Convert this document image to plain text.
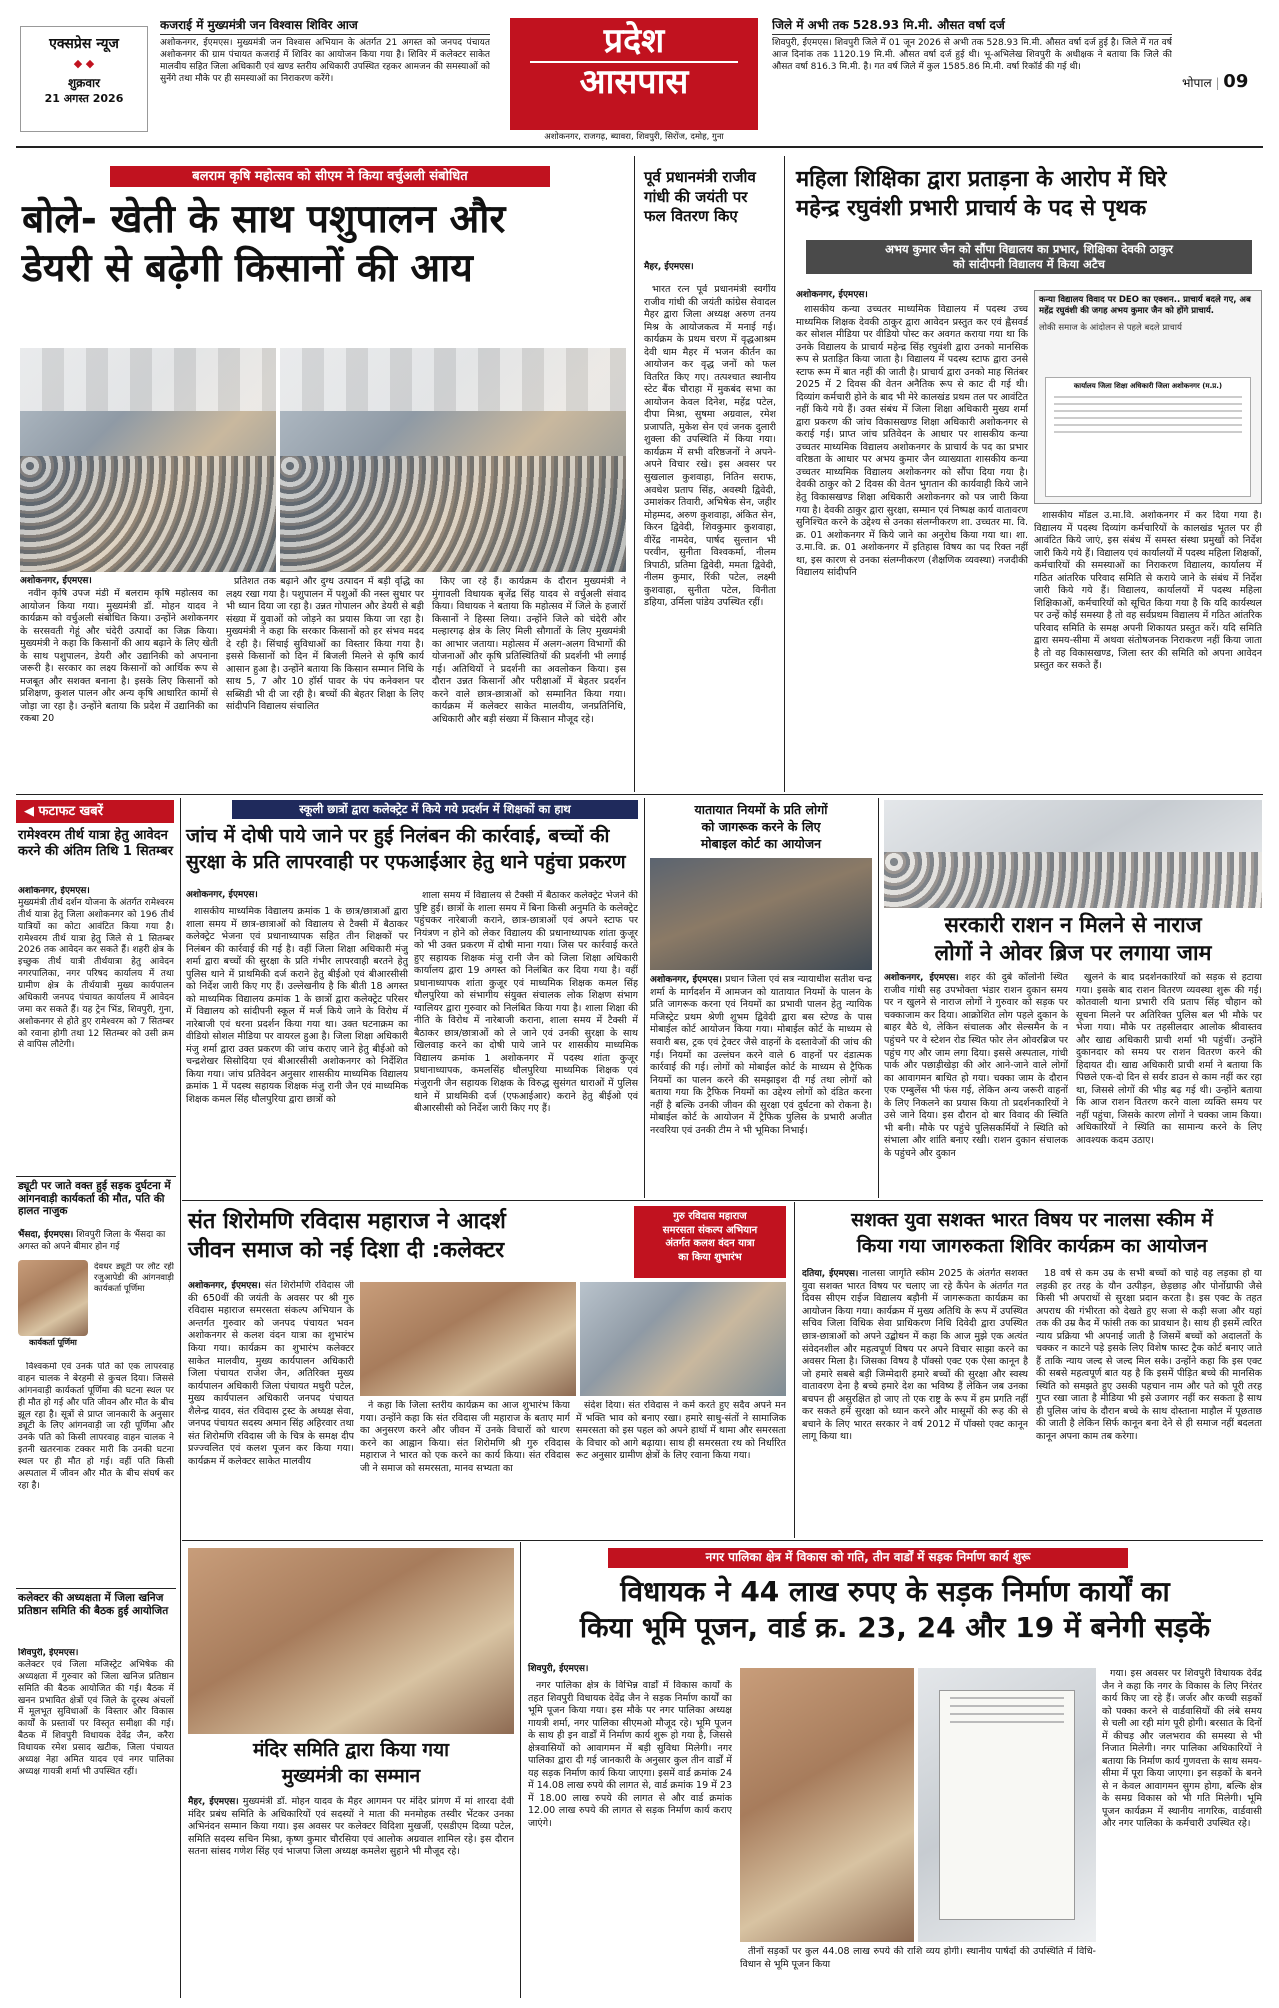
एक्सप्रेस न्यूज
◆ ◆
शुक्रवार
21 अगस्त 2026
कजराई में मुख्यमंत्री जन विश्वास शिविर आज
अशोकनगर, ईएमएस। मुख्यमंत्री जन विश्वास अभियान के अंतर्गत 21 अगस्त को जनपद पंचायत अशोकनगर की ग्राम पंचायत कजराई में शिविर का आयोजन किया गया है। शिविर में कलेक्टर साकेत मालवीय सहित जिला अधिकारी एवं खण्ड स्तरीय अधिकारी उपस्थित रहकर आमजन की समस्याओं को सुनेंगे तथा मौके पर ही समस्याओं का निराकरण करेंगे।
प्रदेश
आसपास
अशोकनगर, राजगढ़, ब्यावरा, शिवपुरी, सिरोंज, दमोह, गुना
जिले में अभी तक 528.93 मि.मी. औसत वर्षा दर्ज
शिवपुरी, ईएमएस। शिवपुरी जिले में 01 जून 2026 से अभी तक 528.93 मि.मी. औसत वर्षा दर्ज हुई है। जिले में गत वर्ष आज दिनांक तक 1120.19 मि.मी. औसत वर्षा दर्ज हुई थी। भू-अभिलेख शिवपुरी के अधीक्षक ने बताया कि जिले की औसत वर्षा 816.3 मि.मी. है। गत वर्ष जिले में कुल 1585.86 मि.मी. वर्षा रिकॉर्ड की गई थी।
भोपाल | 09
बलराम कृषि महोत्सव को सीएम ने किया वर्चुअली संबोधित
बोले- खेती के साथ पशुपालन और
डेयरी से बढ़ेगी किसानों की आय
अशोकनगर, ईएमएस।

नवीन कृषि उपज मंडी में बलराम कृषि महोत्सव का आयोजन किया गया। मुख्यमंत्री डॉ. मोहन यादव ने कार्यक्रम को वर्चुअली संबोधित किया। उन्होंने अशोकनगर के सरसवती गेहूं और चंदेरी उत्पादों का जिक्र किया। मुख्यमंत्री ने कहा कि किसानों की आय बढ़ाने के लिए खेती के साथ पशुपालन, डेयरी और उद्यानिकी को अपनाना जरूरी है। सरकार का लक्ष्य किसानों को आर्थिक रूप से मजबूत और सशक्त बनाना है। इसके लिए किसानों को प्रशिक्षण, कुशल पालन और अन्य कृषि आधारित कामों से जोड़ा जा रहा है। उन्होंने बताया कि प्रदेश में उद्यानिकी का रकबा 20

प्रतिशत तक बढ़ाने और दुग्ध उत्पादन में बड़ी वृद्धि का लक्ष्य रखा गया है। पशुपालन में पशुओं की नस्ल सुधार पर भी ध्यान दिया जा रहा है। उन्नत गोपालन और डेयरी से बड़ी संख्या में युवाओं को जोड़ने का प्रयास किया जा रहा है। मुख्यमंत्री ने कहा कि सरकार किसानों को हर संभव मदद दे रही है। सिंचाई सुविधाओं का विस्तार किया गया है। इससे किसानों को दिन में बिजली मिलने से कृषि कार्य आसान हुआ है। उन्होंने बताया कि किसान सम्मान निधि के साथ 5, 7 और 10 हॉर्स पावर के पंप कनेक्शन पर सब्सिडी भी दी जा रही है। बच्चों की बेहतर शिक्षा के लिए सांदीपनि विद्यालय संचालित

किए जा रहे हैं। कार्यक्रम के दौरान मुख्यमंत्री ने मुंगावली विधायक बृजेंद्र सिंह यादव से वर्चुअली संवाद किया। विधायक ने बताया कि महोत्सव में जिले के हजारों किसानों ने हिस्सा लिया। उन्होंने जिले को चंदेरी और मल्हारगढ़ क्षेत्र के लिए मिली सौगातों के लिए मुख्यमंत्री का आभार जताया। महोत्सव में अलग-अलग विभागों की योजनाओं और कृषि प्रतिस्थितियों की प्रदर्शनी भी लगाई गई। अतिथियों ने प्रदर्शनी का अवलोकन किया। इस दौरान उन्नत किसानों और परीक्षाओं में बेहतर प्रदर्शन करने वाले छात्र-छात्राओं को सम्मानित किया गया। कार्यक्रम में कलेक्टर साकेत मालवीय, जनप्रतिनिधि, अधिकारी और बड़ी संख्या में किसान मौजूद रहे।

पूर्व प्रधानमंत्री राजीव गांधी की जयंती पर फल वितरण किए
मैहर, ईएमएस।

भारत रत्न पूर्व प्रधानमंत्री स्वर्गीय राजीव गांधी की जयंती कांग्रेस सेवादल मैहर द्वारा जिला अध्यक्ष अरुण तनय मिश्र के आयोजकत्व में मनाई गई। कार्यक्रम के प्रथम चरण में वृद्धआश्रम देवी धाम मैहर में भजन कीर्तन का आयोजन कर वृद्ध जनों को फल वितरित किए गए। तत्पश्चात स्थानीय स्टेट बैंक चौराहा में मुकबंद सभा का आयोजन केवल दिनेश, महेंद्र पटेल, दीपा मिश्रा, सुषमा अग्रवाल, रमेश प्रजापति, मुकेश सेन एवं जनक दुलारी शुक्ला की उपस्थिति में किया गया। कार्यक्रम में सभी वरिष्ठजनों ने अपने-अपने विचार रखे। इस अवसर पर सुखलाल कुशवाहा, नितिन सराफ, अवधेश प्रताप सिंह, अवस्थी द्विवेदी, उमाशंकर तिवारी, अभिषेक सेन, जहीर मोहम्मद, अरुण कुशवाहा, अंकित सेन, किरन द्विवेदी, शिवकुमार कुशवाहा, वीरेंद्र नामदेव, पार्षद सुल्तान भी परवीन, सुनीता विश्वकर्मा, नीलम त्रिपाठी, प्रतिमा द्विवेदी, ममता द्विवेदी, नीलम कुमार, रिंकी पटेल, लक्ष्मी कुशवाहा, सुनीता पटेल, विनीता डहिया, उर्मिला पांडेय उपस्थित रहीं।

महिला शिक्षिका द्वारा प्रताड़ना के आरोप में घिरे
महेन्द्र रघुवंशी प्रभारी प्राचार्य के पद से पृथक
अभय कुमार जैन को सौंपा विद्यालय का प्रभार, शिक्षिका देवकी ठाकुर
को सांदीपनी विद्यालय में किया अटैच
अशोकनगर, ईएमएस।	कन्या विद्यालय विवाद पर DEO का एक्शन.. प्राचार्य बदले गए, अब महेंद्र रघुवंशी की जगह अभय कुमार जैन को होंगे प्राचार्य.
लोकी समाज के आंदोलन से पहले बदले प्राचार्य
कार्यालय जिला शिक्षा अधिकारी जिला अशोकनगर (म.प्र.)

शासकीय कन्या उच्चतर माध्यमिक विद्यालय में पदस्थ उच्च माध्यमिक शिक्षक देवकी ठाकुर द्वारा आवेदन प्रस्तुत कर एवं ह्वैसवर्ड कर सोशल मीडिया पर वीडियो पोस्ट कर अवगत कराया गया था कि उनके विद्यालय के प्राचार्य महेन्द्र सिंह रघुवंशी द्वारा उनको मानसिक रूप से प्रताड़ित किया जाता है। विद्यालय में पदस्थ स्टाफ द्वारा उनसे स्टाफ रूम में बात नहीं की जाती है। प्राचार्य द्वारा उनको माह सितंबर 2025 में 2 दिवस की वेतन अनैतिक रूप से काट दी गई थी। दिव्यांग कर्मचारी होने के बाद भी मेरे कालखंड प्रथम तल पर आवंटित नहीं किये गये हैं। उक्त संबंध में जिला शिक्षा अधिकारी मुख्य शर्मा द्वारा प्रकरण की जांच विकासखण्ड शिक्षा अधिकारी अशोकनगर से कराई गई। प्राप्त जांच प्रतिवेदन के आधार पर शासकीय कन्या उच्चतर माध्यमिक विद्यालय अशोकनगर के प्राचार्य के पद का प्रभार वरिष्ठता के आधार पर अभय कुमार जैन व्याख्याता शासकीय कन्या उच्चतर माध्यमिक विद्यालय अशोकनगर को सौंपा दिया गया है। देवकी ठाकुर को 2 दिवस की वेतन भुगतान की कार्यवाही किये जाने हेतु विकासखण्ड शिक्षा अधिकारी अशोकनगर को पत्र जारी किया गया है। देवकी ठाकुर द्वारा सुरक्षा, सम्मान एवं निष्पक्ष कार्य वातावरण सुनिश्चित करने के उद्देश्य से उनका संलग्नीकरण शा. उच्चतर मा. वि. क्र. 01 अशोकनगर में किये जाने का अनुरोध किया गया था। शा. उ.मा.वि. क्र. 01 अशोकनगर में इतिहास विषय का पद रिक्त नहीं था, इस कारण से उनका संलग्नीकरण (शैक्षणिक व्यवस्था) नजदीकी विद्यालय सांदीपनि

शासकीय मॉडल उ.मा.वि. अशोकनगर में कर दिया गया है। विद्यालय में पदस्थ दिव्यांग कर्मचारियों के कालखंड भूतल पर ही आवंटित किये जाएं, इस संबंध में समस्त संस्था प्रमुखों को निर्देश जारी किये गये हैं। विद्यालय एवं कार्यालयों में पदस्थ महिला शिक्षकों, कर्मचारियों की समस्याओं का निराकरण विद्यालय, कार्यालय में गठित आंतरिक परिवाद समिति से कराये जाने के संबंध में निर्देश जारी किये गये हैं। विद्यालय, कार्यालयों में पदस्थ महिला शिक्षिकाओं, कर्मचारियों को सूचित किया गया है कि यदि कार्यस्थल पर उन्हें कोई समस्या है तो वह सर्वप्रथम विद्यालय में गठित आंतरिक परिवाद समिति के समक्ष अपनी शिकायत प्रस्तुत करें। यदि समिति द्वारा समय-सीमा में अथवा संतोषजनक निराकरण नहीं किया जाता है तो वह विकासखण्ड, जिला स्तर की समिति को अपना आवेदन प्रस्तुत कर सकते हैं।

◀ फटाफट खबरें
रामेश्वरम तीर्थ यात्रा हेतु आवेदन करने की अंतिम तिथि 1 सितम्बर
अशोकनगर, ईएमएस।
मुख्यमंत्री तीर्थ दर्शन योजना के अंतर्गत रामेश्वरम तीर्थ यात्रा हेतु जिला अशोकनगर को 196 तीर्थ यात्रियों का कोटा आवंटित किया गया है। रामेश्वरम तीर्थ यात्रा हेतु जिले से 1 सितम्बर 2026 तक आवेदन कर सकते हैं। शहरी क्षेत्र के इच्छुक तीर्थ यात्री तीर्थयात्रा हेतु आवेदन नगरपालिका, नगर परिषद कार्यालय में तथा ग्रामीण क्षेत्र के तीर्थयात्री मुख्य कार्यपालन अधिकारी जनपद पंचायत कार्यालय में आवेदन जमा कर सकते हैं। यह ट्रेन भिंड, शिवपुरी, गुना, अशोकनगर से होते हुए रामेश्वरम को 7 सितम्बर को रवाना होगी तथा 12 सितम्बर को उसी क्रम से वापिस लौटेगी।
ड्यूटी पर जाते वक्त हुई सड़क दुर्घटना में आंगनवाड़ी कार्यकर्ता की मौत, पति की हालत नाजुक
भैंसदा, ईएमएस। शिवपुरी जिला के भैंसदा का अगस्त को अपने बीमार होन गई
कार्यकर्ता पूर्णिमा
देवधर ड्यूटी पर लौट रही रजुआपेडी की आंगनवाड़ी कार्यकर्ता पूर्णिमा

विश्वकर्मा एवं उनके पति को एक लापरवाह वाहन चालक ने बेरहमी से कुचल दिया। जिससे आंगनवाड़ी कार्यकर्ता पूर्णिमा की घटना स्थल पर ही मौत हो गई और पति जीवन और मौत के बीच झूल रहा है। सूत्रों से प्राप्त जानकारी के अनुसार ड्यूटी के लिए आंगनवाड़ी जा रही पूर्णिमा और उनके पति को किसी लापरवाह वाहन चालक ने इतनी खतरनाक टक्कर मारी कि उनकी घटना स्थल पर ही मौत हो गई। वहीं पति किसी अस्पताल में जीवन और मौत के बीच संघर्ष कर रहा है।

कलेक्टर की अध्यक्षता में जिला खनिज प्रतिष्ठान समिति की बैठक हुई आयोजित
शिवपुरी, ईएमएस।
कलेक्टर एवं जिला मजिस्ट्रेट अभिषेक की अध्यक्षता में गुरुवार को जिला खनिज प्रतिष्ठान समिति की बैठक आयोजित की गई। बैठक में खनन प्रभावित क्षेत्रों एवं जिले के दूरस्थ अंचलों में मूलभूत सुविधाओं के विस्तार और विकास कार्यों के प्रस्तावों पर विस्तृत समीक्षा की गई। बैठक में शिवपुरी विधायक देवेंद्र जैन, करैरा विधायक रमेश प्रसाद खटीक, जिला पंचायत अध्यक्ष नेहा अमित यादव एवं नगर पालिका अध्यक्ष गायत्री शर्मा भी उपस्थित रहीं।
स्कूली छात्रों द्वारा कलेक्ट्रेट में किये गये प्रदर्शन में शिक्षकों का हाथ
जांच में दोषी पाये जाने पर हुई निलंबन की कार्रवाई, बच्चों की
सुरक्षा के प्रति लापरवाही पर एफआईआर हेतु थाने पहुंचा प्रकरण
अशोकनगर, ईएमएस।

शासकीय माध्यमिक विद्यालय क्रमांक 1 के छात्र/छात्राओं द्वारा शाला समय में छात्र-छात्राओं को विद्यालय से टैक्सी में बैठाकर कलेक्ट्रेट भेजना एवं प्रधानाध्यापक सहित तीन शिक्षकों पर निलंबन की कार्रवाई की गई है। वहीं जिला शिक्षा अधिकारी मंजु शर्मा द्वारा बच्चों की सुरक्षा के प्रति गंभीर लापरवाही बरतने हेतु पुलिस थाने में प्राथमिकी दर्ज कराने हेतु बीईओ एवं बीआरसीसी को निर्देश जारी किए गए हैं। उल्लेखनीय है कि बीती 18 अगस्त को माध्यमिक विद्यालय क्रमांक 1 के छात्रों द्वारा कलेक्ट्रेट परिसर में विद्यालय को सांदीपनी स्कूल में मर्ज किये जाने के विरोध में नारेबाजी एवं धरना प्रदर्शन किया गया था। उक्त घटनाक्रम का वीडियो सोशल मीडिया पर वायरल हुआ है। जिला शिक्षा अधिकारी मंजु शर्मा द्वारा उक्त प्रकरण की जांच कराए जाने हेतु बीईओ को चन्द्रशेखर सिसोदिया एवं बीआरसीसी अशोकनगर को निर्देशित किया गया। जांच प्रतिवेदन अनुसार शासकीय माध्यमिक विद्यालय क्रमांक 1 में पदस्थ सहायक शिक्षक मंजु रानी जैन एवं माध्यमिक शिक्षक कमल सिंह धौलपुरिया द्वारा छात्रों को

शाला समय में विद्यालय से टैक्सी में बैठाकर कलेक्ट्रेट भेजने की पुष्टि हुई। छात्रों के शाला समय में बिना किसी अनुमति के कलेक्ट्रेट पहुंचकर नारेबाजी कराने, छात्र-छात्राओं एवं अपने स्टाफ पर नियंत्रण न होने को लेकर विद्यालय की प्रधानाध्यापक शांता कुजूर को भी उक्त प्रकरण में दोषी माना गया। जिस पर कार्रवाई करते हुए सहायक शिक्षक मंजु रानी जैन को जिला शिक्षा अधिकारी कार्यालय द्वारा 19 अगस्त को निलंबित कर दिया गया है। वहीं प्रधानाध्यापक शांता कुजूर एवं माध्यमिक शिक्षक कमल सिंह धौलपुरिया को संभागीय संयुक्त संचालक लोक शिक्षण संभाग ग्वालियर द्वारा गुरुवार को निलंबित किया गया है। शाला शिक्षा की नीति के विरोध में नारेबाजी कराना, शाला समय में टैक्सी में बैठाकर छात्र/छात्राओं को ले जाने एवं उनकी सुरक्षा के साथ खिलवाड़ करने का दोषी पाये जाने पर शासकीय माध्यमिक विद्यालय क्रमांक 1 अशोकनगर में पदस्थ शांता कुजूर प्रधानाध्यापक, कमलसिंह धौलपुरिया माध्यमिक शिक्षक एवं मंजुरानी जैन सहायक शिक्षक के विरुद्ध सुसंगत धाराओं में पुलिस थाने में प्राथमिकी दर्ज (एफआईआर) कराने हेतु बीईओ एवं बीआरसीसी को निर्देश जारी किए गए हैं।

यातायात नियमों के प्रति लोगों
को जागरूक करने के लिए
मोबाइल कोर्ट का आयोजन
अशोकनगर, ईएमएस। प्रधान जिला एवं सत्र न्यायाधीश सतीश चन्द्र शर्मा के मार्गदर्शन में आमजन को यातायात नियमों के पालन के प्रति जागरूक करना एवं नियमों का प्रभावी पालन हेतु न्यायिक मजिस्ट्रेट प्रथम श्रेणी शुभम द्विवेदी द्वारा बस स्टेण्ड के पास मोबाईल कोर्ट आयोजन किया गया। मोबाईल कोर्ट के माध्यम से सवारी बस, ट्रक एवं ट्रेक्टर जैसे वाहनों के दस्तावेजों की जांच की गई। नियमों का उल्लंघन करने वाले 6 वाहनों पर दंडात्मक कार्रवाई की गई। लोगों को मोबाईल कोर्ट के माध्यम से ट्रैफिक नियमों का पालन करने की समझाइश दी गई तथा लोगों को बताया गया कि ट्रैफिक नियमों का उद्देश्य लोगों को दंडित करना नहीं है बल्कि उनकी जीवन की सुरक्षा एवं दुर्घटना को रोकना है। मोबाईल कोर्ट के आयोजन में ट्रैफिक पुलिस के प्रभारी अजीत नरवरिया एवं उनकी टीम ने भी भूमिका निभाई।
सरकारी राशन न मिलने से नाराज
लोगों ने ओवर ब्रिज पर लगाया जाम
अशोकनगर, ईएमएस। शहर की दुबे कॉलोनी स्थित राजीव गांधी सह उपभोक्ता भंडार राशन दुकान समय पर न खुलने से नाराज लोगों ने गुरुवार को सड़क पर चक्काजाम कर दिया। आक्रोशित लोग पहले दुकान के बाहर बैठे थे, लेकिन संचालक और सेल्समैन के न पहुंचने पर वे स्टेशन रोड स्थित फोर लेन ओवरब्रिज पर पहुंच गए और जाम लगा दिया। इससे अस्पताल, गांधी पार्क और पछाड़ीखेड़ा की ओर आने-जाने वाले लोगों का आवागमन बाधित हो गया। चक्का जाम के दौरान एक एम्बुलेंस भी फंस गई, लेकिन अन्य जरूरी वाहनों के लिए निकलने का प्रयास किया तो प्रदर्शनकारियों ने उसे जाने दिया। इस दौरान दो बार विवाद की स्थिति भी बनी। मौके पर पहुंचे पुलिसकर्मियों ने स्थिति को संभाला और शांति बनाए रखी। राशन दुकान संचालक के पहुंचने और दुकान

खुलने के बाद प्रदर्शनकारियों को सड़क से हटाया गया। इसके बाद राशन वितरण व्यवस्था शुरू की गई। कोतवाली थाना प्रभारी रवि प्रताप सिंह चौहान को सूचना मिलने पर अतिरिक्त पुलिस बल भी मौके पर भेजा गया। मौके पर तहसीलदार आलोक श्रीवास्तव और खाद्य अधिकारी प्राची शर्मा भी पहुंचीं। उन्होंने दुकानदार को समय पर राशन वितरण करने की हिदायत दी। खाद्य अधिकारी प्राची शर्मा ने बताया कि पिछले एक-दो दिन से सर्वर डाउन से काम नहीं कर रहा था, जिससे लोगों की भीड़ बढ़ गई थी। उन्होंने बताया कि आज राशन वितरण करने वाला व्यक्ति समय पर नहीं पहुंचा, जिसके कारण लोगों ने चक्का जाम किया। अधिकारियों ने स्थिति का सामान्य करने के लिए आवश्यक कदम उठाए।

संत शिरोमणि रविदास महाराज ने आदर्श
जीवन समाज को नई दिशा दी :कलेक्टर
गुरु रविदास महाराज
समरसता संकल्प अभियान
अंतर्गत कलश वंदन यात्रा
का किया शुभारंभ
अशोकनगर, ईएमएस। संत शिरोमणि रविदास जी की 650वीं की जयंती के अवसर पर श्री गुरु रविदास महाराज समरसता संकल्प अभियान के अन्तर्गत गुरुवार को जनपद पंचायत भवन अशोकनगर से कलश वंदन यात्रा का शुभारंभ किया गया। कार्यक्रम का शुभारंभ कलेक्टर साकेत मालवीय, मुख्य कार्यपालन अधिकारी जिला पंचायत राजेश जैन, अतिरिक्त मुख्य कार्यपालन अधिकारी जिला पंचायत मधुरी पटेल, मुख्य कार्यपालन अधिकारी जनपद पंचायत शैलेन्द्र यादव, संत रविदास ट्रस्ट के अध्यक्ष सेवा, जनपद पंचायत सदस्य अमान सिंह अहिरवार तथा संत शिरोमणि रविदास जी के चित्र के समक्ष दीप प्रज्ज्वलित एवं कलश पूजन कर किया गया। कार्यक्रम में कलेक्टर साकेत मालवीय

ने कहा कि जिला स्तरीय कार्यक्रम का आज शुभारंभ किया गया। उन्होंने कहा कि संत रविदास जी महाराज के बताए मार्ग का अनुसरण करने और जीवन में उनके विचारों को धारण करने का आह्वान किया। संत शिरोमणि श्री गुरु रविदास महाराज ने भारत को एक करने का कार्य किया। संत रविदास जी ने समाज को समरसता, मानव सभ्यता का

संदेश दिया। संत रविदास ने कर्म करते हुए सदैव अपने मन में भक्ति भाव को बनाए रखा। हमारे साधु-संतों ने सामाजिक समरसता को इस पहल को अपने हाथों में थामा और समरसता के विचार को आगे बढ़ाया। साथ ही समरसता रथ को निर्धारित रूट अनुसार ग्रामीण क्षेत्रों के लिए रवाना किया गया।

सशक्त युवा सशक्त भारत विषय पर नालसा स्कीम में
किया गया जागरुकता शिविर कार्यक्रम का आयोजन
दतिया, ईएमएस। नालसा जागृति स्कीम 2025 के अंतर्गत सशक्त युवा सशक्त भारत विषय पर चलाए जा रहे कैंपेन के अंतर्गत गत दिवस सीएम राईज विद्यालय बड़ौनी में जागरूकता कार्यक्रम का आयोजन किया गया। कार्यक्रम में मुख्य अतिथि के रूप में उपस्थित सचिव जिला विधिक सेवा प्राधिकरण निधि दिवेदी द्वारा उपस्थित छात्र-छात्राओं को अपने उद्बोधन में कहा कि आज मुझे एक अत्यंत संवेदनशील और महत्वपूर्ण विषय पर अपने विचार साझा करने का अवसर मिला है। जिसका विषय है पॉक्सो एक्ट एक ऐसा कानून है जो हमारे सबसे बड़ी जिम्मेदारी हमारे बच्चों की सुरक्षा और स्वस्थ वातावरण देना है बच्चे हमारे देश का भविष्य हैं लेकिन जब उनका बचपन ही असुरक्षित हो जाए तो एक राष्ट्र के रूप में हम प्रगति नहीं कर सकते हमें सुरक्षा को ध्यान करने और मासूमों की रूह की से बचाने के लिए भारत सरकार ने वर्ष 2012 में पॉक्सो एक्ट कानून लागू किया था।

18 वर्ष से कम उम्र के सभी बच्चों को चाहे वह लड़का हो या लड़की हर तरह के यौन उत्पीड़न, छेड़छाड़ और पोर्नोग्राफी जैसे किसी भी अपराधों से सुरक्षा प्रदान करता है। इस एक्ट के तहत अपराध की गंभीरता को देखते हुए सजा से कड़ी सजा और यहां तक की उम्र कैद में फांसी तक का प्रावधान है। साथ ही इसमें त्वरित न्याय प्रक्रिया भी अपनाई जाती है जिसमें बच्चों को अदालतों के चक्कर न काटने पड़े इसके लिए विशेष फास्ट ट्रैक कोर्ट बनाए जाते हैं ताकि न्याय जल्द से जल्द मिल सके। उन्होंने कहा कि इस एक्ट की सबसे महत्वपूर्ण बात यह है कि इसमें पीड़ित बच्चे की मानसिक स्थिति को समझते हुए उसकी पहचान नाम और पते को पूरी तरह गुप्त रखा जाता है मीडिया भी इसे उजागर नहीं कर सकता है साथ ही पुलिस जांच के दौरान बच्चे के साथ दोस्ताना माहौल में पूछताछ की जाती है लेकिन सिर्फ कानून बना देने से ही समाज नहीं बदलता कानून अपना काम तब करेगा।

मंदिर समिति द्वारा किया गया
मुख्यमंत्री का सम्मान
मैहर, ईएमएस। मुख्यमंत्री डॉ. मोहन यादव के मैहर आगमन पर मंदिर प्रांगण में मां शारदा देवी मंदिर प्रबंध समिति के अधिकारियों एवं सदस्यों ने माता की मनमोहक तस्वीर भेंटकर उनका अभिनंदन सम्मान किया गया। इस अवसर पर कलेक्टर विदिशा मुखर्जी, एसडीएम दिव्या पटेल, समिति सदस्य सचिन मिश्रा, कृष्ण कुमार चौरसिया एवं आलोक अग्रवाल शामिल रहे। इस दौरान सतना सांसद गणेश सिंह एवं भाजपा जिला अध्यक्ष कमलेश सुहाने भी मौजूद रहे।
नगर पालिका क्षेत्र में विकास को गति, तीन वार्डों में सड़क निर्माण कार्य शुरू
विधायक ने 44 लाख रुपए के सड़क निर्माण कार्यों का
किया भूमि पूजन, वार्ड क्र. 23, 24 और 19 में बनेगी सड़कें
शिवपुरी, ईएमएस।

नगर पालिका क्षेत्र के विभिन्न वार्डों में विकास कार्यों के तहत शिवपुरी विधायक देवेंद्र जैन ने सड़क निर्माण कार्यों का भूमि पूजन किया गया। इस मौके पर नगर पालिका अध्यक्ष गायत्री शर्मा, नगर पालिका सीएमओ मौजूद रहे। भूमि पूजन के साथ ही इन वार्डों में निर्माण कार्य शुरू हो गया है, जिससे क्षेत्रवासियों को आवागमन में बड़ी सुविधा मिलेगी। नगर पालिका द्वारा दी गई जानकारी के अनुसार कुल तीन वार्डों में यह सड़क निर्माण कार्य किया जाएगा। इसमें वार्ड क्रमांक 24 में 14.08 लाख रुपये की लागत से, वार्ड क्रमांक 19 में 23 में 18.00 लाख रुपये की लागत से और वार्ड क्रमांक 12.00 लाख रुपये की लागत से सड़क निर्माण कार्य कराए जाएंगे।

तीनों सड़कों पर कुल 44.08 लाख रुपये की राशि व्यय होगी। स्थानीय पार्षदों की उपस्थिति में विधि-विधान से भूमि पूजन किया

गया। इस अवसर पर शिवपुरी विधायक देवेंद्र जैन ने कहा कि नगर के विकास के लिए निरंतर कार्य किए जा रहे हैं। जर्जर और कच्ची सड़कों को पक्का करने से वार्डवासियों की लंबे समय से चली आ रही मांग पूरी होगी। बरसात के दिनों में कीचड़ और जलभराव की समस्या से भी निजात मिलेगी। नगर पालिका अधिकारियों ने बताया कि निर्माण कार्य गुणवत्ता के साथ समय-सीमा में पूरा किया जाएगा। इन सड़कों के बनने से न केवल आवागमन सुगम होगा, बल्कि क्षेत्र के समग्र विकास को भी गति मिलेगी। भूमि पूजन कार्यक्रम में स्थानीय नागरिक, वार्डवासी और नगर पालिका के कर्मचारी उपस्थित रहे।
